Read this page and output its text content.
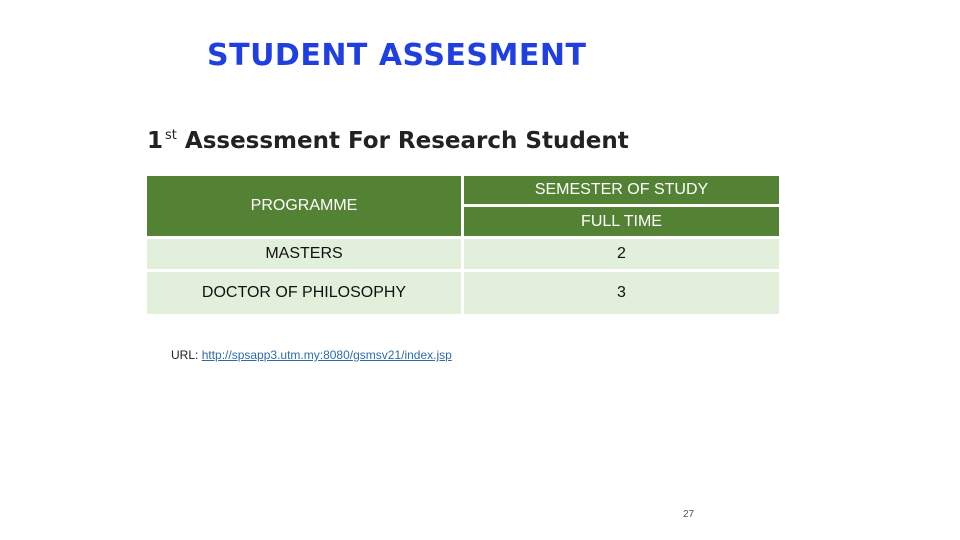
STUDENT ASSESMENT
1 $^{st}$ Assessment For Research Student
PROGRAMME	SEMESTER OF STUDY
	FULL TIME
MASTERS	2
DOCTOR OF PHILOSOPHY	3
URL: http://spsapp3.utm.my:8080/gsmsv21/index.jsp
27
